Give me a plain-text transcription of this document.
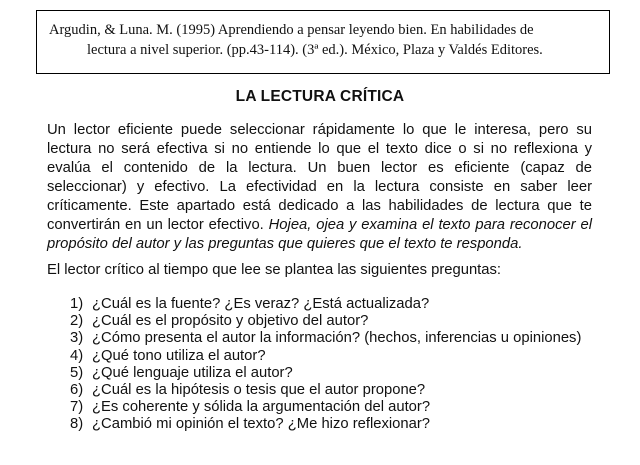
Argudin, & Luna. M. (1995) Aprendiendo a pensar leyendo bien. En habilidades de
lectura a nivel superior. (pp.43-114). (3ª ed.). México, Plaza y Valdés Editores.
LA LECTURA CRÍTICA

Un lector eficiente puede seleccionar rápidamente lo que le interesa, pero su lectura no será efectiva si no entiende lo que el texto dice o si no reflexiona y evalúa el contenido de la lectura. Un buen lector es eficiente (capaz de seleccionar) y efectivo. La efectividad en la lectura consiste en saber leer críticamente. Este apartado está dedicado a las habilidades de lectura que te convertirán en un lector efectivo. Hojea, ojea y examina el texto para reconocer el propósito del autor y las preguntas que quieres que el texto te responda.

El lector crítico al tiempo que lee se plantea las siguientes preguntas:

1) ¿Cuál es la fuente? ¿Es veraz? ¿Está actualizada?
2) ¿Cuál es el propósito y objetivo del autor?
3) ¿Cómo presenta el autor la información? (hechos, inferencias u opiniones)
4) ¿Qué tono utiliza el autor?
5) ¿Qué lenguaje utiliza el autor?
6) ¿Cuál es la hipótesis o tesis que el autor propone?
7) ¿Es coherente y sólida la argumentación del autor?
8) ¿Cambió mi opinión el texto? ¿Me hizo reflexionar?
